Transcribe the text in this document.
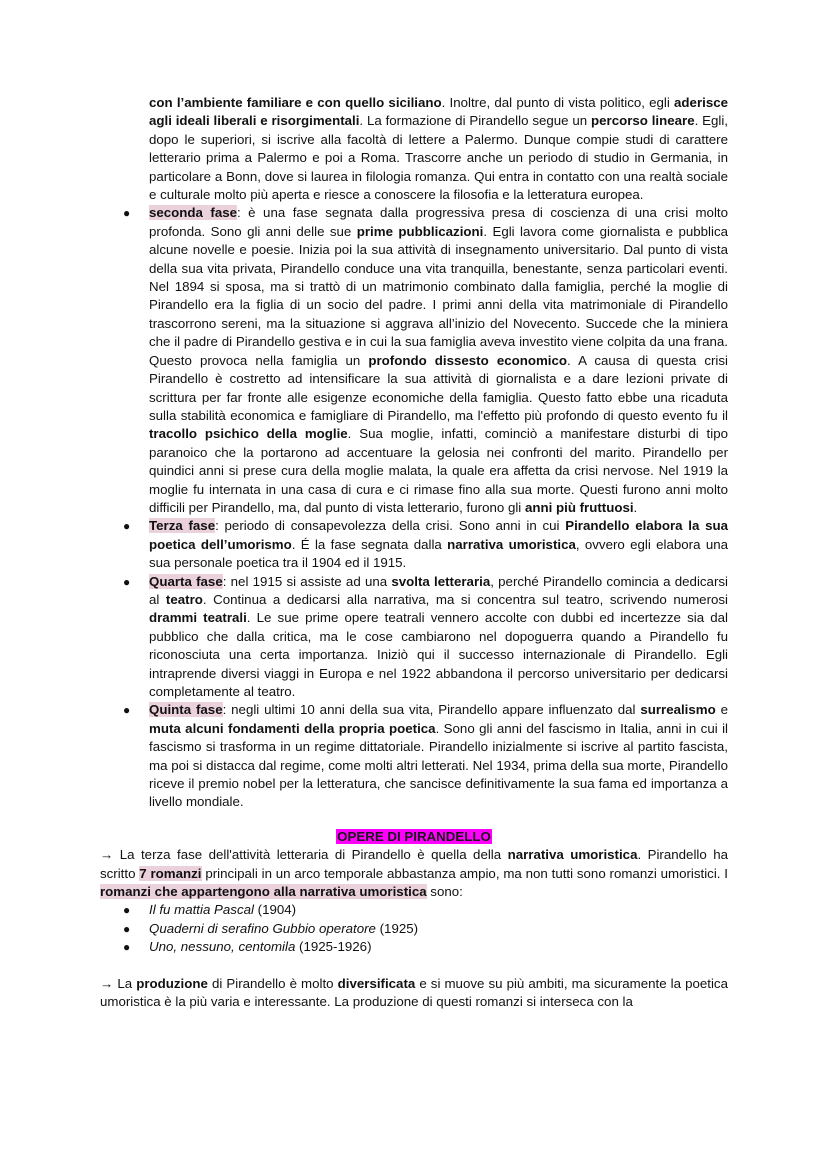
con l’ambiente familiare e con quello siciliano. Inoltre, dal punto di vista politico, egli aderisce agli ideali liberali e risorgimentali. La formazione di Pirandello segue un percorso lineare. Egli, dopo le superiori, si iscrive alla facoltà di lettere a Palermo. Dunque compie studi di carattere letterario prima a Palermo e poi a Roma. Trascorre anche un periodo di studio in Germania, in particolare a Bonn, dove si laurea in filologia romanza. Qui entra in contatto con una realtà sociale e culturale molto più aperta e riesce a conoscere la filosofia e la letteratura europea.

● seconda fase: è una fase segnata dalla progressiva presa di coscienza di una crisi molto profonda. Sono gli anni delle sue prime pubblicazioni. Egli lavora come giornalista e pubblica alcune novelle e poesie. Inizia poi la sua attività di insegnamento universitario. Dal punto di vista della sua vita privata, Pirandello conduce una vita tranquilla, benestante, senza particolari eventi. Nel 1894 si sposa, ma si trattò di un matrimonio combinato dalla famiglia, perché la moglie di Pirandello era la figlia di un socio del padre. I primi anni della vita matrimoniale di Pirandello trascorrono sereni, ma la situazione si aggrava all’inizio del Novecento. Succede che la miniera che il padre di Pirandello gestiva e in cui la sua famiglia aveva investito viene colpita da una frana. Questo provoca nella famiglia un profondo dissesto economico. A causa di questa crisi Pirandello è costretto ad intensificare la sua attività di giornalista e a dare lezioni private di scrittura per far fronte alle esigenze economiche della famiglia. Questo fatto ebbe una ricaduta sulla stabilità economica e famigliare di Pirandello, ma l'effetto più profondo di questo evento fu il tracollo psichico della moglie. Sua moglie, infatti, cominciò a manifestare disturbi di tipo paranoico che la portarono ad accentuare la gelosia nei confronti del marito. Pirandello per quindici anni si prese cura della moglie malata, la quale era affetta da crisi nervose. Nel 1919 la moglie fu internata in una casa di cura e ci rimase fino alla sua morte. Questi furono anni molto difficili per Pirandello, ma, dal punto di vista letterario, furono gli anni più fruttuosi.
● Terza fase: periodo di consapevolezza della crisi. Sono anni in cui Pirandello elabora la sua poetica dell’umorismo. É la fase segnata dalla narrativa umoristica, ovvero egli elabora una sua personale poetica tra il 1904 ed il 1915.
● Quarta fase: nel 1915 si assiste ad una svolta letteraria, perché Pirandello comincia a dedicarsi al teatro. Continua a dedicarsi alla narrativa, ma si concentra sul teatro, scrivendo numerosi drammi teatrali. Le sue prime opere teatrali vennero accolte con dubbi ed incertezze sia dal pubblico che dalla critica, ma le cose cambiarono nel dopoguerra quando a Pirandello fu riconosciuta una certa importanza. Iniziò qui il successo internazionale di Pirandello. Egli intraprende diversi viaggi in Europa e nel 1922 abbandona il percorso universitario per dedicarsi completamente al teatro.
● Quinta fase: negli ultimi 10 anni della sua vita, Pirandello appare influenzato dal surrealismo e muta alcuni fondamenti della propria poetica. Sono gli anni del fascismo in Italia, anni in cui il fascismo si trasforma in un regime dittatoriale. Pirandello inizialmente si iscrive al partito fascista, ma poi si distacca dal regime, come molti altri letterati. Nel 1934, prima della sua morte, Pirandello riceve il premio nobel per la letteratura, che sancisce definitivamente la sua fama ed importanza a livello mondiale.
OPERE DI PIRANDELLO

→ La terza fase dell'attività letteraria di Pirandello è quella della narrativa umoristica. Pirandello ha scritto 7 romanzi principali in un arco temporale abbastanza ampio, ma non tutti sono romanzi umoristici. I romanzi che appartengono alla narrativa umoristica sono:

● Il fu mattia Pascal (1904)
● Quaderni di serafino Gubbio operatore (1925)
● Uno, nessuno, centomila (1925-1926)

→ La produzione di Pirandello è molto diversificata e si muove su più ambiti, ma sicuramente la poetica umoristica è la più varia e interessante. La produzione di questi romanzi si interseca con la
